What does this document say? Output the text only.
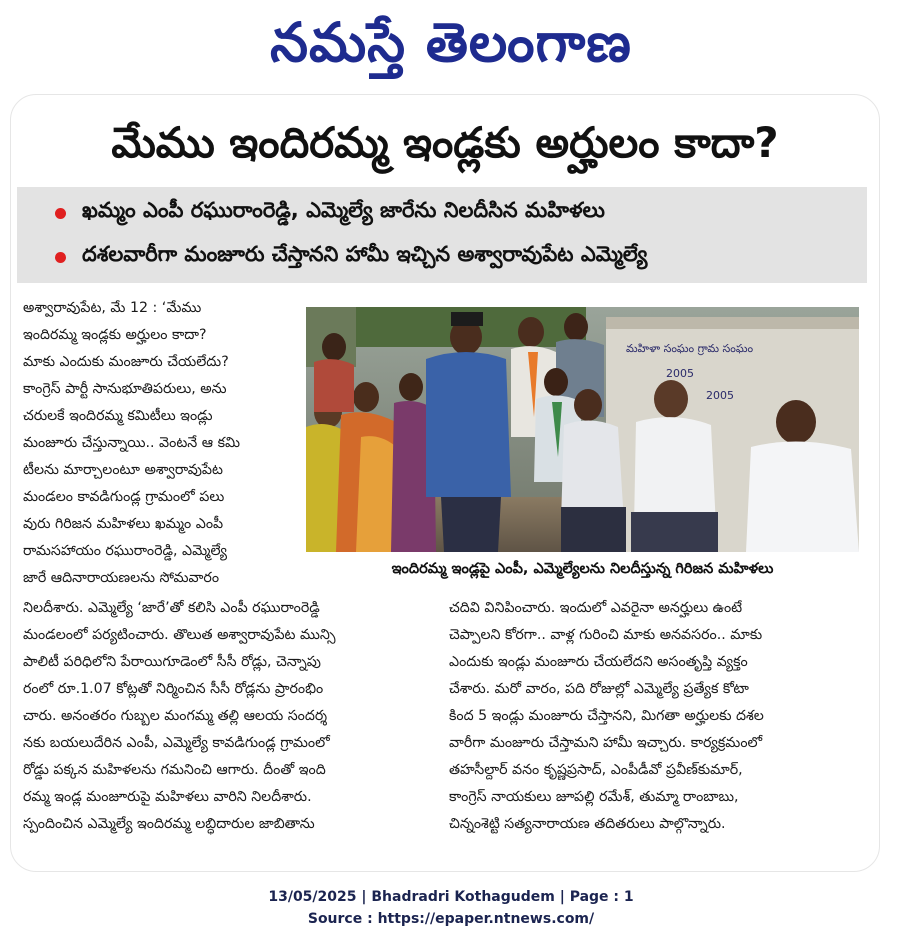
నమస్తే తెలంగాణ
మేము ఇందిరమ్మ ఇండ్లకు అర్హులం కాదా?
ఖమ్మం ఎంపీ రఘురాంరెడ్డి, ఎమ్మెల్యే జారేను నిలదీసిన మహిళలు
దశలవారీగా మంజూరు చేస్తానని హామీ ఇచ్చిన అశ్వారావుపేట ఎమ్మెల్యే
మహిళా సంఘం గ్రామ సంఘం
2005
2005
ఇందిరమ్మ ఇండ్లపై ఎంపీ, ఎమ్మెల్యేలను నిలదీస్తున్న గిరిజన మహిళలు
అశ్వారావుపేట, మే 12 : ‘మేము
ఇందిరమ్మ ఇండ్లకు అర్హులం కాదా?
మాకు ఎందుకు మంజూరు చేయలేదు?
కాంగ్రెస్ పార్టీ సానుభూతిపరులు, అను
చరులకే ఇందిరమ్మ కమిటీలు ఇండ్లు
మంజూరు చేస్తున్నాయి.. వెంటనే ఆ కమి
టీలను మార్చాలంటూ అశ్వారావుపేట
మండలం కావడిగుండ్ల గ్రామంలో పలు
వురు గిరిజన మహిళలు ఖమ్మం ఎంపీ
రామసహాయం రఘురాంరెడ్డి, ఎమ్మెల్యే
జారే ఆదినారాయణలను సోమవారం
నిలదీశారు. ఎమ్మెల్యే ‘జారే’తో కలిసి ఎంపీ రఘురాంరెడ్డి
మండలంలో పర్యటించారు. తొలుత అశ్వారావుపేట మున్సి
పాలిటీ పరిధిలోని పేరాయిగూడెంలో సీసీ రోడ్లు, చెన్నాపు
రంలో రూ.1.07 కోట్లతో నిర్మించిన సీసీ రోడ్లను ప్రారంభిం
చారు. అనంతరం గుబ్బల మంగమ్మ తల్లి ఆలయ సందర్శ
నకు బయలుదేరిన ఎంపీ, ఎమ్మెల్యే కావడిగుండ్ల గ్రామంలో
రోడ్డు పక్కన మహిళలను గమనించి ఆగారు. దీంతో ఇంది
రమ్మ ఇండ్ల మంజూరుపై మహిళలు వారిని నిలదీశారు.
స్పందించిన ఎమ్మెల్యే ఇందిరమ్మ లబ్ధిదారుల జాబితాను
చదివి వినిపించారు. ఇందులో ఎవరైనా అనర్హులు ఉంటే
చెప్పాలని కోరగా.. వాళ్ల గురించి మాకు అనవసరం.. మాకు
ఎందుకు ఇండ్లు మంజూరు చేయలేదని అసంతృప్తి వ్యక్తం
చేశారు. మరో వారం, పది రోజుల్లో ఎమ్మెల్యే ప్రత్యేక కోటా
కింద 5 ఇండ్లు మంజూరు చేస్తానని, మిగతా అర్హులకు దశల
వారీగా మంజూరు చేస్తామని హామీ ఇచ్చారు. కార్యక్రమంలో
తహసీల్దార్ వనం కృష్ణప్రసాద్, ఎంపీడీవో ప్రవీణ్‌కుమార్,
కాంగ్రెస్ నాయకులు జూపల్లి రమేశ్, తుమ్మా రాంబాబు,
చిన్నంశెట్టి సత్యనారాయణ తదితరులు పాల్గొన్నారు.
13/05/2025 | Bhadradri Kothagudem | Page : 1
Source : https://epaper.ntnews.com/
